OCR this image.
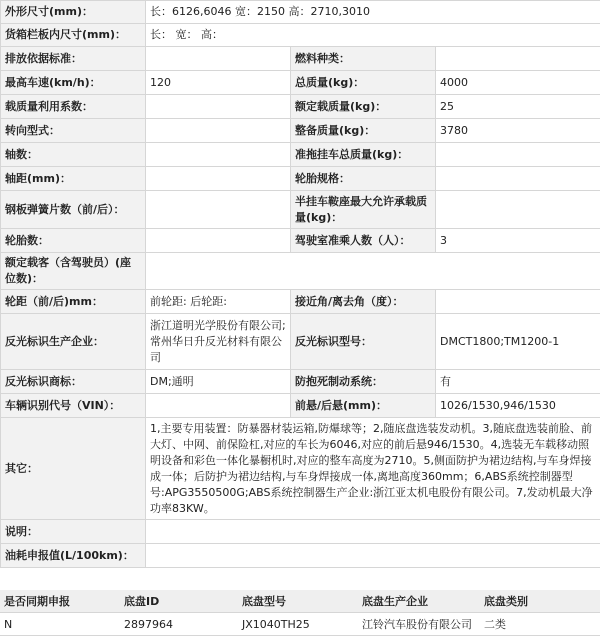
外形尺寸(mm)：	长：6126,6046 宽：2150 高：2710,3010		
货箱栏板内尺寸(mm)：	长： 宽： 高：		
排放依据标准：		燃料种类：	
最高车速(km/h)：	120	总质量(kg)：	4000
载质量利用系数：		额定载质量(kg)：	25
转向型式：		整备质量(kg)：	3780
轴数：		准拖挂车总质量(kg)：	
轴距(mm)：		轮胎规格：	
钢板弹簧片数（前/后）：		半挂车鞍座最大允许承载质量(kg)：	
轮胎数：		驾驶室准乘人数（人）：	3
额定载客（含驾驶员）(座位数)：			
轮距（前/后)mm：	前轮距: 后轮距:	接近角/离去角（度）：	
反光标识生产企业：	浙江道明光学股份有限公司;常州华日升反光材料有限公司	反光标识型号：	DMCT1800;TM1200-1
反光标识商标：	DM;通明	防抱死制动系统：	有
车辆识别代号（VIN）：		前悬/后悬(mm)：	1026/1530,946/1530
其它：	1,主要专用装置：防暴器材装运箱,防爆球等；2,随底盘选装发动机。3,随底盘选装前脸、前大灯、中网、前保险杠,对应的车长为6046,对应的前后悬946/1530。4,选装无车载移动照明设备和彩色一体化暴橱机时,对应的整车高度为2710。5,侧面防护为裙边结构,与车身焊接成一体；后防护为裙边结构,与车身焊接成一体,离地高度360mm；6,ABS系统控制器型号:APG3550500G;ABS系统控制器生产企业:浙江亚太机电股份有限公司。7,发动机最大净功率83KW。		
说明：			
油耗申报值(L/100km)：			
是否同期申报	底盘ID	底盘型号	底盘生产企业	底盘类别
N	2897964	JX1040TH25	江铃汽车股份有限公司	二类
